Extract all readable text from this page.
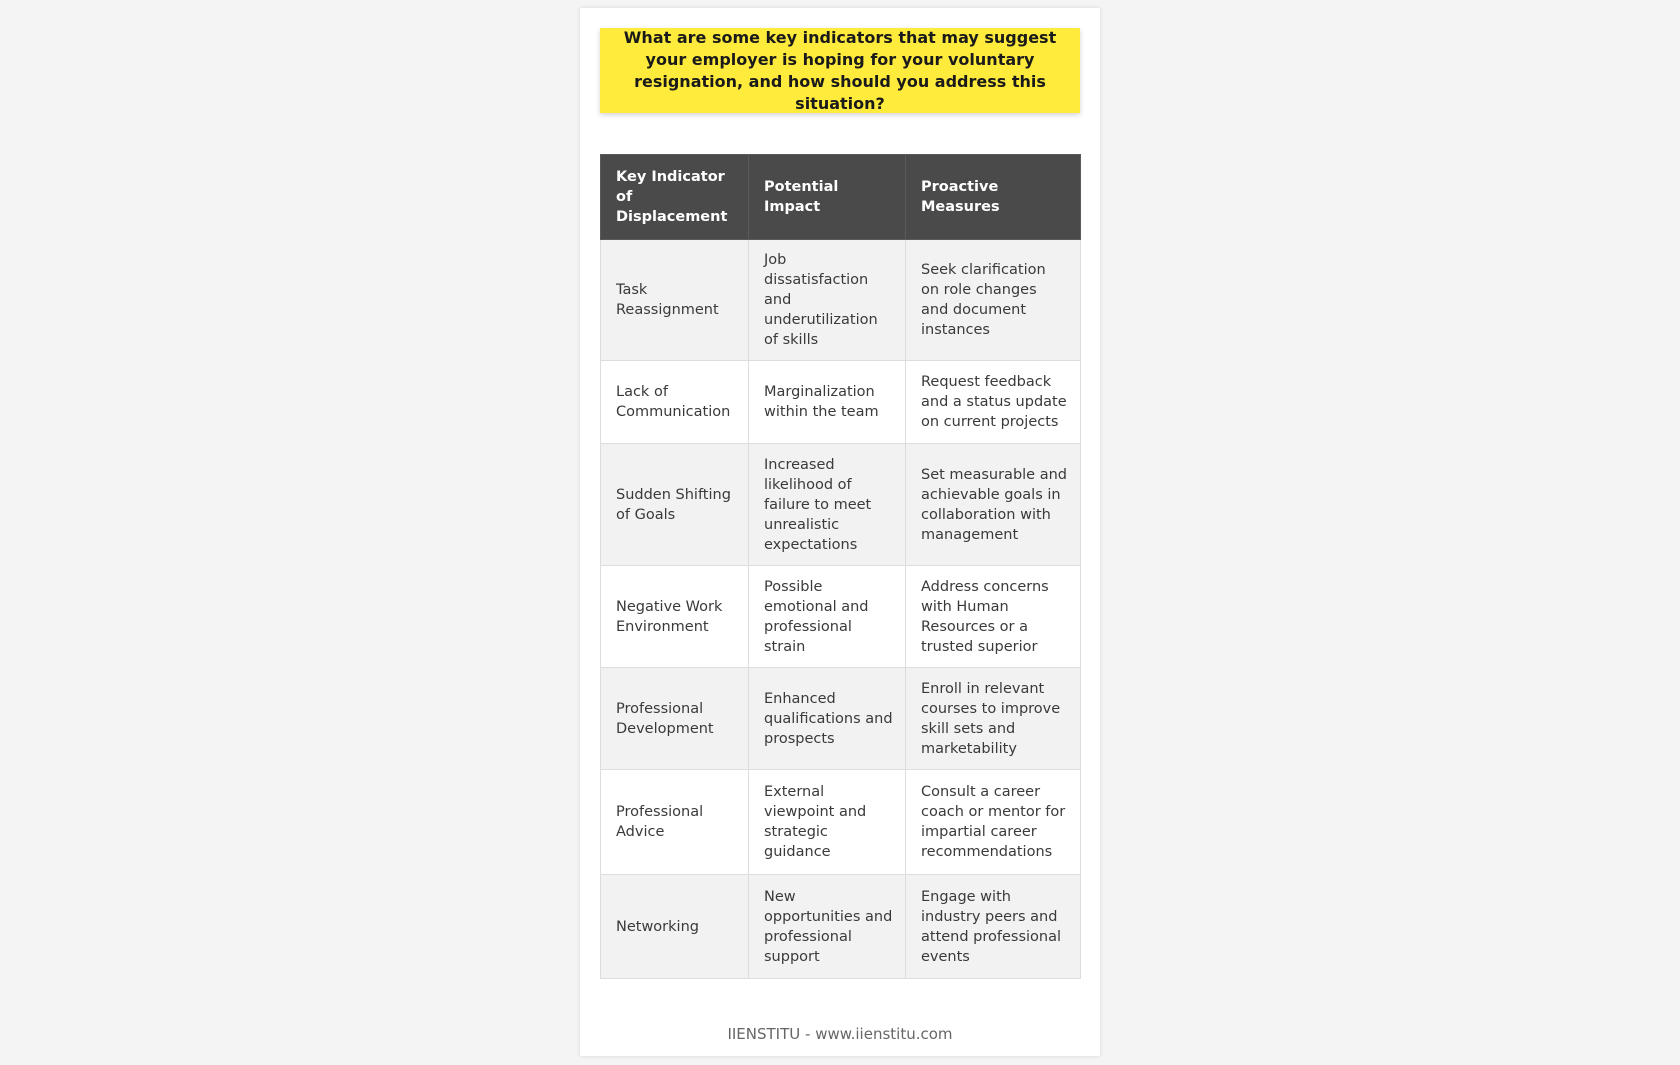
What are some key indicators that may suggest your employer is hoping for your voluntary resignation, and how should you address this situation?
Key Indicator of Displacement	Potential Impact	Proactive Measures
Task Reassignment	Job dissatisfaction and underutilization of skills	Seek clarification on role changes and document instances
Lack of Communication	Marginalization within the team	Request feedback and a status update on current projects
Sudden Shifting of Goals	Increased likelihood of failure to meet unrealistic expectations	Set measurable and achievable goals in collaboration with management
Negative Work Environment	Possible emotional and professional strain	Address concerns with Human Resources or a trusted superior
Professional Development	Enhanced qualifications and prospects	Enroll in relevant courses to improve skill sets and marketability
Professional Advice	External viewpoint and strategic guidance	Consult a career coach or mentor for impartial career recommendations
Networking	New opportunities and professional support	Engage with industry peers and attend professional events
IIENSTITU - www.iienstitu.com
